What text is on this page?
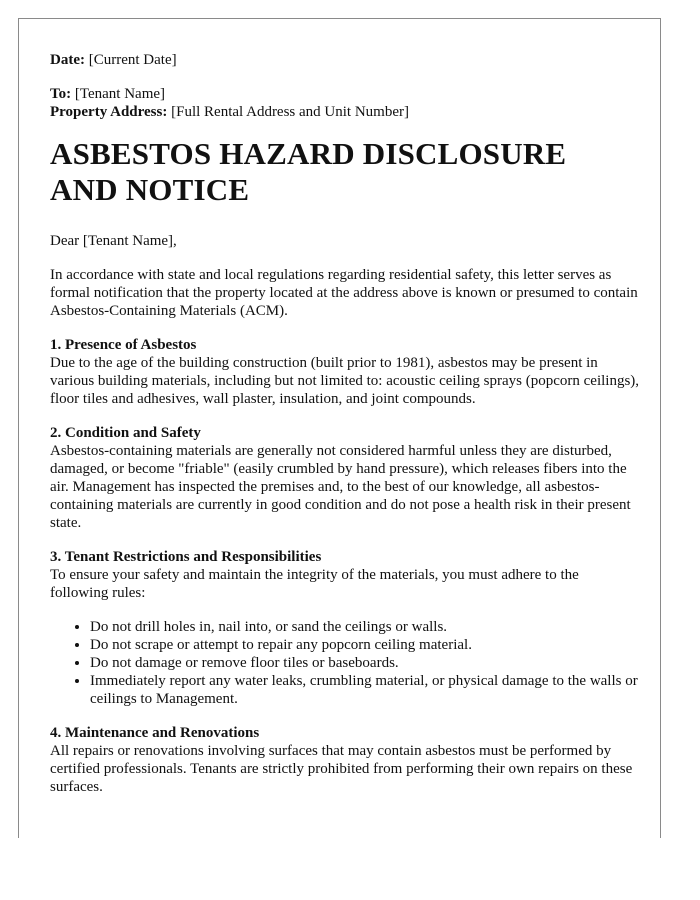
Date: [Current Date]

To: [Tenant Name]

Property Address: [Full Rental Address and Unit Number]

ASBESTOS HAZARD DISCLOSURE AND NOTICE

Dear [Tenant Name],

In accordance with state and local regulations regarding residential safety, this letter serves as formal notification that the property located at the address above is known or presumed to contain Asbestos-Containing Materials (ACM).

1. Presence of Asbestos

Due to the age of the building construction (built prior to 1981), asbestos may be present in various building materials, including but not limited to: acoustic ceiling sprays (popcorn ceilings), floor tiles and adhesives, wall plaster, insulation, and joint compounds.

2. Condition and Safety

Asbestos-containing materials are generally not considered harmful unless they are disturbed, damaged, or become "friable" (easily crumbled by hand pressure), which releases fibers into the air. Management has inspected the premises and, to the best of our knowledge, all asbestos-containing materials are currently in good condition and do not pose a health risk in their present state.

3. Tenant Restrictions and Responsibilities

To ensure your safety and maintain the integrity of the materials, you must adhere to the following rules:

• Do not drill holes in, nail into, or sand the ceilings or walls.
• Do not scrape or attempt to repair any popcorn ceiling material.
• Do not damage or remove floor tiles or baseboards.
• Immediately report any water leaks, crumbling material, or physical damage to the walls or ceilings to Management.

4. Maintenance and Renovations

All repairs or renovations involving surfaces that may contain asbestos must be performed by certified professionals. Tenants are strictly prohibited from performing their own repairs on these surfaces.
